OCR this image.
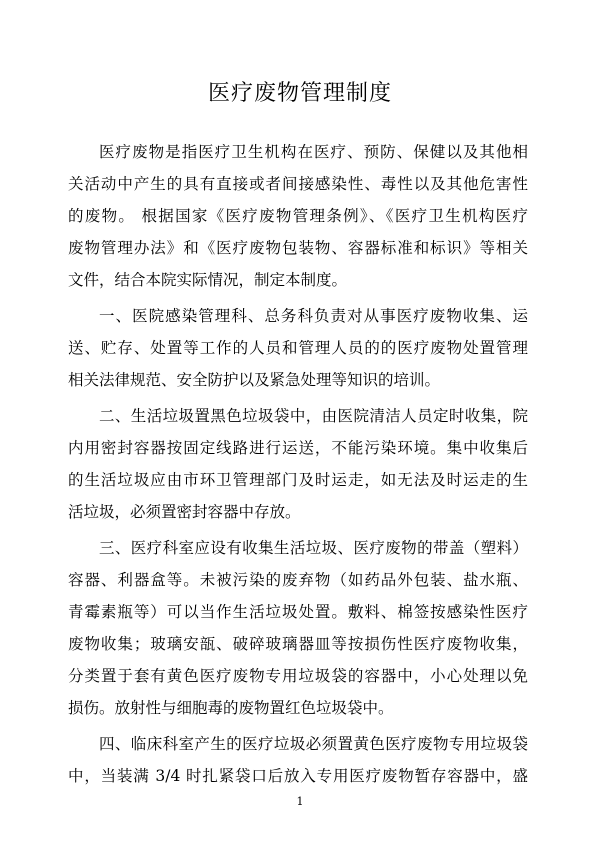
医疗废物管理制度

医疗废物是指医疗卫生机构在医疗、预防、保健以及其他相
关活动中产生的具有直接或者间接感染性、毒性以及其他危害性
的废物。 根据国家《医疗废物管理条例》、《医疗卫生机构医疗
废物管理办法》和《医疗废物包装物、容器标准和标识》等相关
文件，结合本院实际情况，制定本制度。

一、医院感染管理科、总务科负责对从事医疗废物收集、运
送、贮存、处置等工作的人员和管理人员的的医疗废物处置管理
相关法律规范、安全防护以及紧急处理等知识的培训。

二、生活垃圾置黑色垃圾袋中，由医院清洁人员定时收集，院
内用密封容器按固定线路进行运送，不能污染环境。集中收集后
的生活垃圾应由市环卫管理部门及时运走，如无法及时运走的生
活垃圾，必须置密封容器中存放。

三、医疗科室应设有收集生活垃圾、医疗废物的带盖（塑料）
容器、利器盒等。未被污染的废弃物（如药品外包装、盐水瓶、
青霉素瓶等）可以当作生活垃圾处置。敷料、棉签按感染性医疗
废物收集；玻璃安瓿、破碎玻璃器皿等按损伤性医疗废物收集，
分类置于套有黄色医疗废物专用垃圾袋的容器中，小心处理以免
损伤。放射性与细胞毒的废物置红色垃圾袋中。

四、临床科室产生的医疗垃圾必须置黄色医疗废物专用垃圾袋
中，当装满 3/4 时扎紧袋口后放入专用医疗废物暂存容器中，盛

1
